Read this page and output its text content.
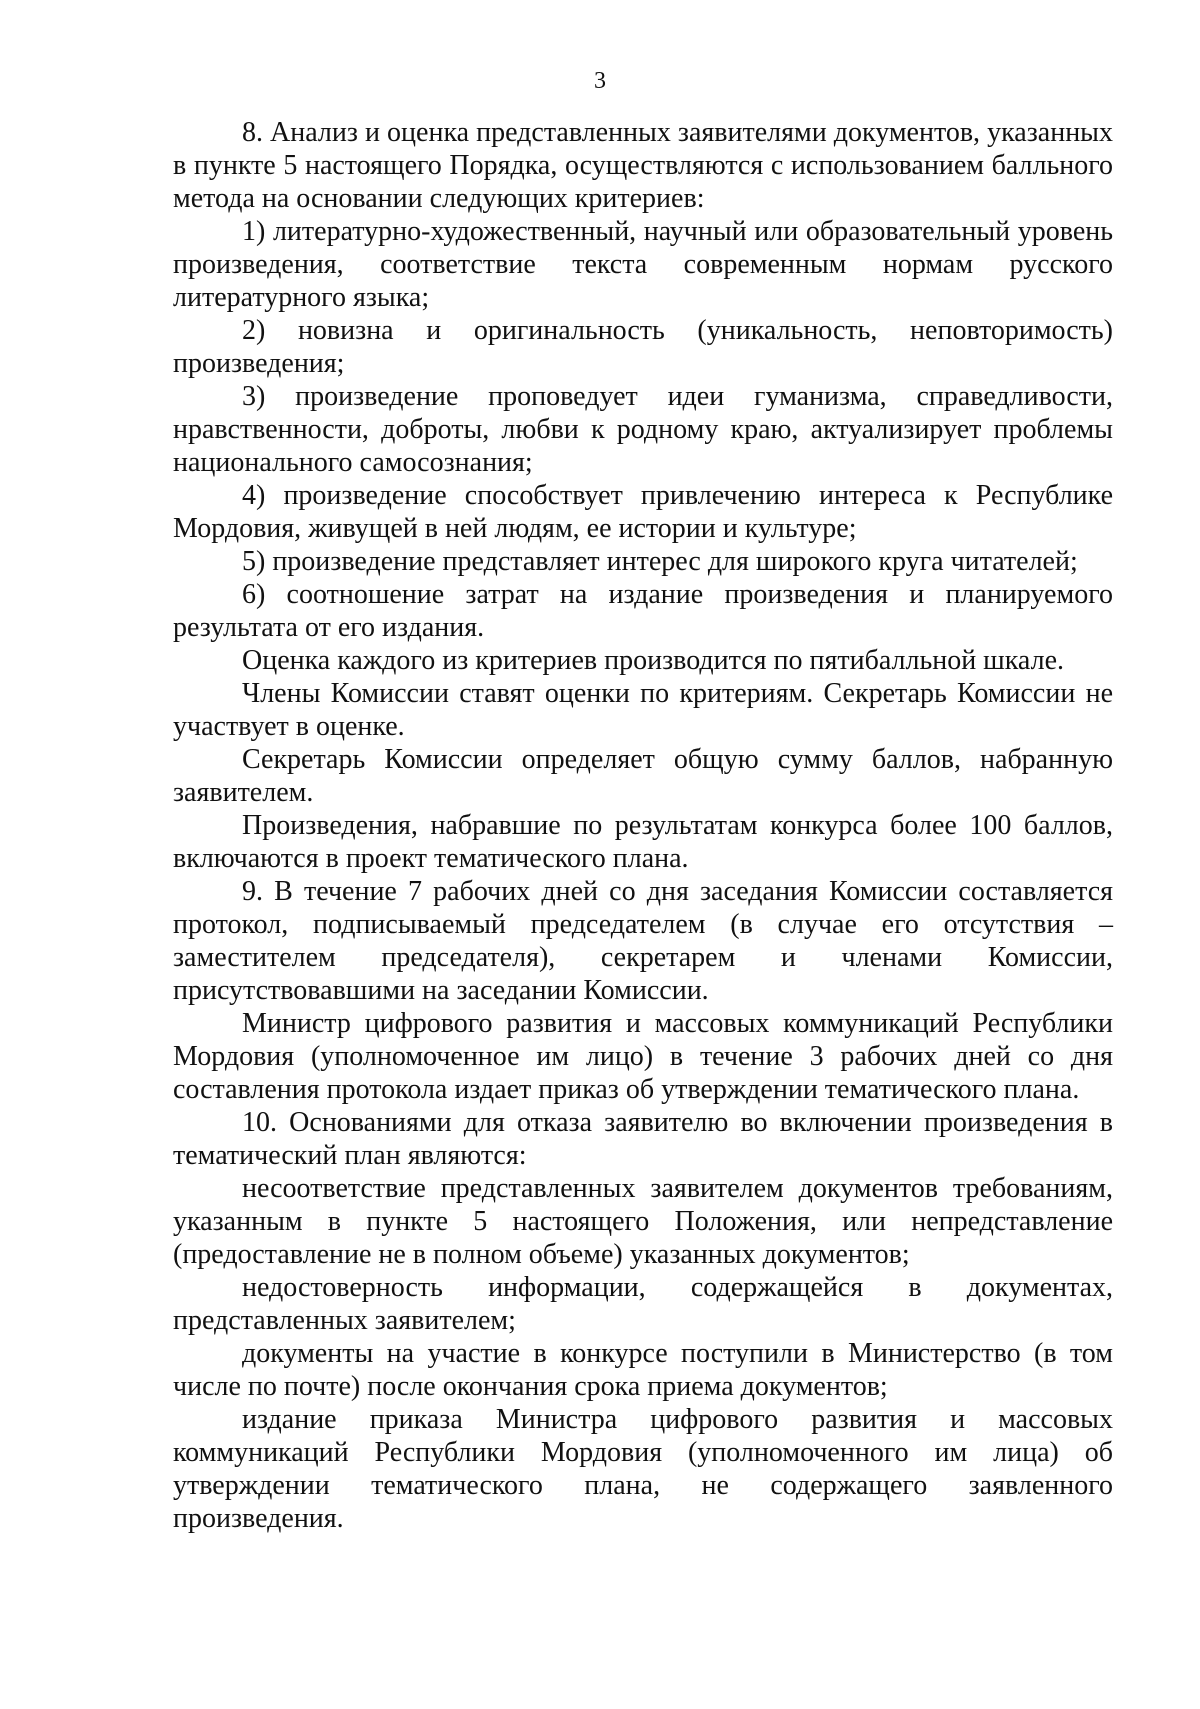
3

8. Анализ и оценка представленных заявителями документов, указанных в пункте 5 настоящего Порядка, осуществляются с использованием балльного метода на основании следующих критериев:

1) литературно-художественный, научный или образовательный уровень произведения, соответствие текста современным нормам русского литературного языка;

2) новизна и оригинальность (уникальность, неповторимость) произведения;

3) произведение проповедует идеи гуманизма, справедливости, нравственности, доброты, любви к родному краю, актуализирует проблемы национального самосознания;

4) произведение способствует привлечению интереса к Республике Мордовия, живущей в ней людям, ее истории и культуре;

5) произведение представляет интерес для широкого круга читателей;

6) соотношение затрат на издание произведения и планируемого результата от его издания.

Оценка каждого из критериев производится по пятибалльной шкале.

Члены Комиссии ставят оценки по критериям. Секретарь Комиссии не участвует в оценке.

Секретарь Комиссии определяет общую сумму баллов, набранную заявителем.

Произведения, набравшие по результатам конкурса более 100 баллов, включаются в проект тематического плана.

9. В течение 7 рабочих дней со дня заседания Комиссии составляется протокол, подписываемый председателем (в случае его отсутствия – заместителем председателя), секретарем и членами Комиссии, присутствовавшими на заседании Комиссии.

Министр цифрового развития и массовых коммуникаций Республики Мордовия (уполномоченное им лицо) в течение 3 рабочих дней со дня составления протокола издает приказ об утверждении тематического плана.

10. Основаниями для отказа заявителю во включении произведения в тематический план являются:

несоответствие представленных заявителем документов требованиям, указанным в пункте 5 настоящего Положения, или непредставление (предоставление не в полном объеме) указанных документов;

недостоверность информации, содержащейся в документах, представленных заявителем;

документы на участие в конкурсе поступили в Министерство (в том числе по почте) после окончания срока приема документов;

издание приказа Министра цифрового развития и массовых коммуникаций Республики Мордовия (уполномоченного им лица) об утверждении тематического плана, не содержащего заявленного произведения.
